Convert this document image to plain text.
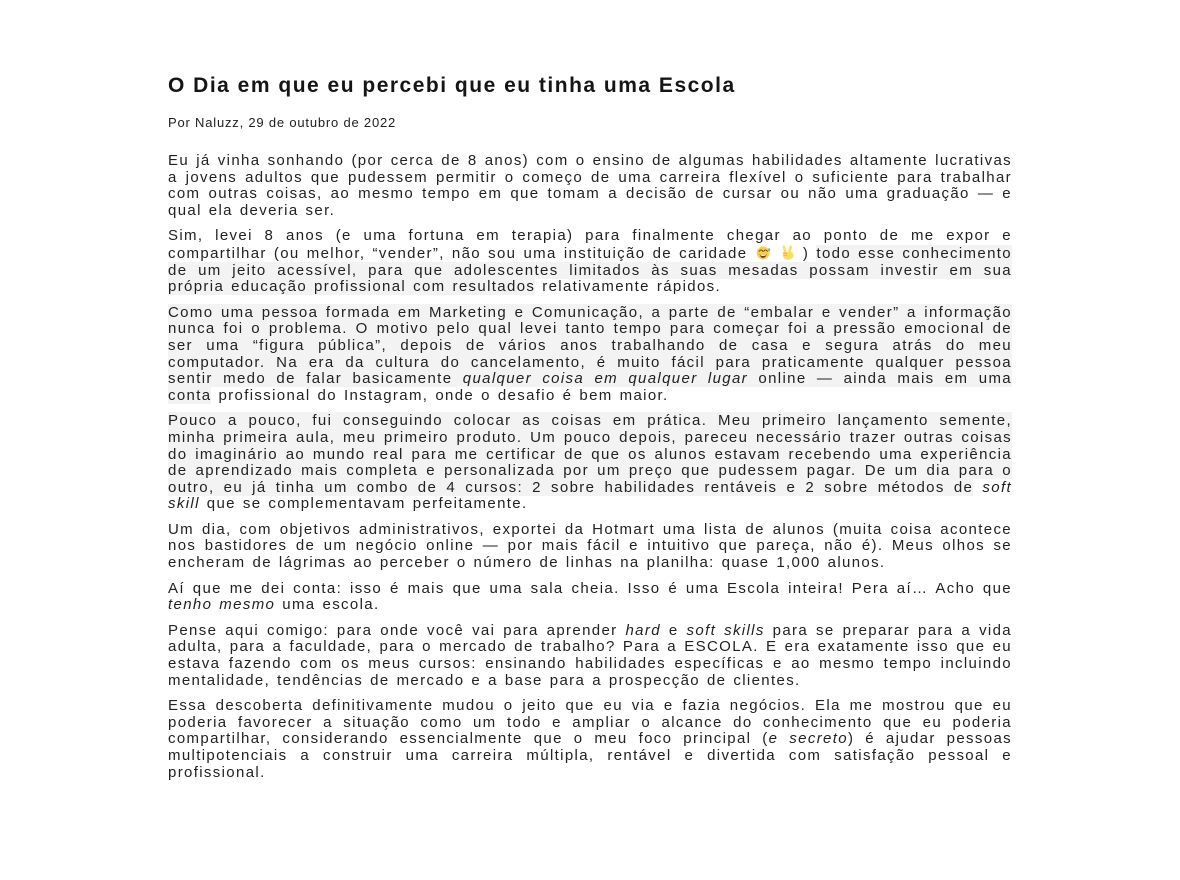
O Dia em que eu percebi que eu tinha uma Escola

Por Naluzz, 29 de outubro de 2022

Eu já vinha sonhando (por cerca de 8 anos) com o ensino de algumas habilidades altamente lucrativas a jovens adultos que pudessem permitir o começo de uma carreira flexível o suficiente para trabalhar com outras coisas, ao mesmo tempo em que tomam a decisão de cursar ou não uma graduação — e qual ela deveria ser.

Sim, levei 8 anos (e uma fortuna em terapia) para finalmente chegar ao ponto de me expor e compartilhar (ou melhor, “vender”, não sou uma instituição de caridade
	) todo esse conhecimento de um jeito acessível, para que adolescentes limitados às suas mesadas possam investir em sua própria educação profissional com resultados relativamente rápidos.

Como uma pessoa formada em Marketing e Comunicação, a parte de “embalar e vender” a informação nunca foi o problema. O motivo pelo qual levei tanto tempo para começar foi a pressão emocional de ser uma “figura pública”, depois de vários anos trabalhando de casa e segura atrás do meu computador. Na era da cultura do cancelamento, é muito fácil para praticamente qualquer pessoa sentir medo de falar basicamente qualquer coisa em qualquer lugar online — ainda mais em uma conta profissional do Instagram, onde o desafio é bem maior.

Pouco a pouco, fui conseguindo colocar as coisas em prática. Meu primeiro lançamento semente, minha primeira aula, meu primeiro produto. Um pouco depois, pareceu necessário trazer outras coisas do imaginário ao mundo real para me certificar de que os alunos estavam recebendo uma experiência de aprendizado mais completa e personalizada por um preço que pudessem pagar. De um dia para o outro, eu já tinha um combo de 4 cursos: 2 sobre habilidades rentáveis e 2 sobre métodos de soft skill que se complementavam perfeitamente.

Um dia, com objetivos administrativos, exportei da Hotmart uma lista de alunos (muita coisa acontece nos bastidores de um negócio online — por mais fácil e intuitivo que pareça, não é). Meus olhos se encheram de lágrimas ao perceber o número de linhas na planilha: quase 1,000 alunos.

Aí que me dei conta: isso é mais que uma sala cheia. Isso é uma Escola inteira! Pera aí… Acho que tenho mesmo uma escola.

Pense aqui comigo: para onde você vai para aprender hard e soft skills para se preparar para a vida adulta, para a faculdade, para o mercado de trabalho? Para a ESCOLA. E era exatamente isso que eu estava fazendo com os meus cursos: ensinando habilidades específicas e ao mesmo tempo incluindo mentalidade, tendências de mercado e a base para a prospecção de clientes.

Essa descoberta definitivamente mudou o jeito que eu via e fazia negócios. Ela me mostrou que eu poderia favorecer a situação como um todo e ampliar o alcance do conhecimento que eu poderia compartilhar, considerando essencialmente que o meu foco principal (e secreto) é ajudar pessoas multipotenciais a construir uma carreira múltipla, rentável e divertida com satisfação pessoal e profissional.
